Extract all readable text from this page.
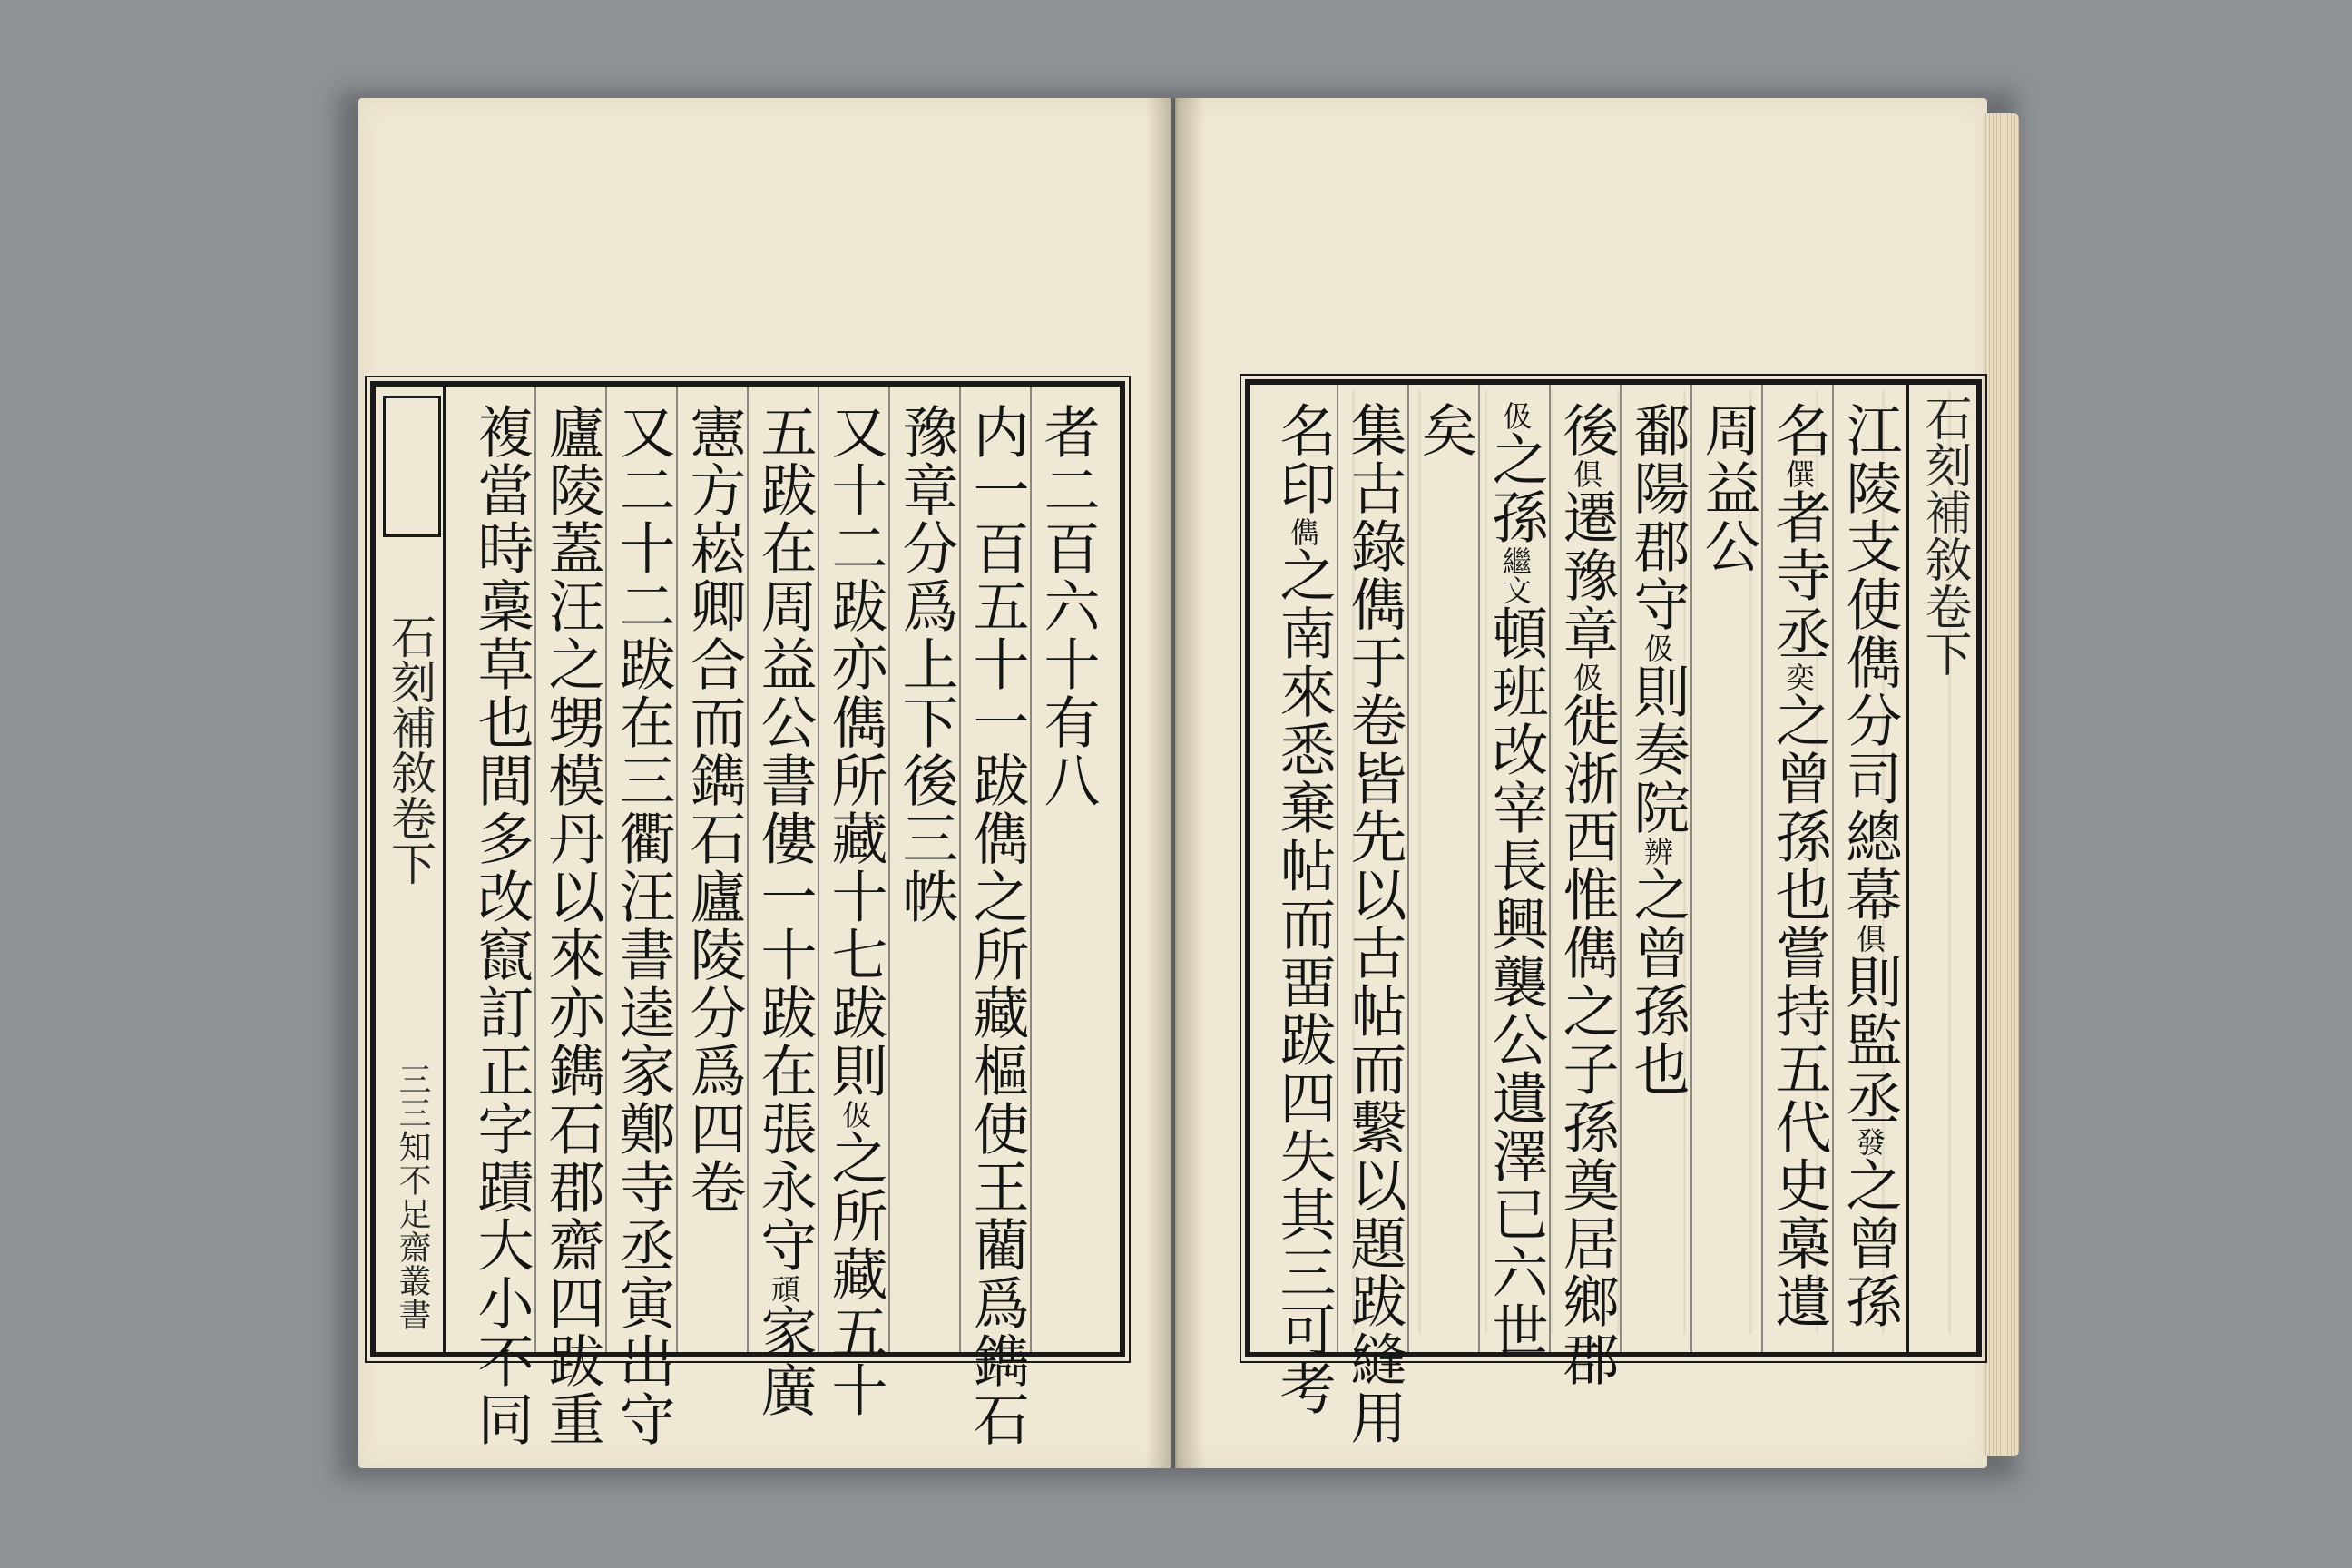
石刻補敘卷下
三三知不足齋叢書
者二百六十有八
内一百五十一跋儁之所藏樞使王藺爲鐫石
豫章分爲上下後三帙
又十二跋亦儁所藏十七跋則伋之所藏五十
五跋在周益公書僂一十跋在張永守頑家廣
憲方崧卿合而鐫石廬陵分爲四卷
又二十二跋在三衢汪書逵家鄭寺丞寅出守
廬陵蓋汪之甥模丹以來亦鐫石郡齋四跋重
複當時稾草也間多改竄訂正字蹟大小不同	石刻補敘卷下
江陵支使儁分司總幕俱則監丞發之曾孫
名僎者寺丞奕之曾孫也嘗持五代史槀遺
周益公
鄱陽郡守伋則奏院辨之曾孫也
後俱遷豫章伋徙浙西惟儁之子孫奠居鄉郡
伋之孫繼文頓班改宰長興襲公遺澤已六世
矣
集古錄儁于卷皆先以古帖而繫以題跋縫用
名印儁之南來悉棄帖而畱跋四失其三可考
